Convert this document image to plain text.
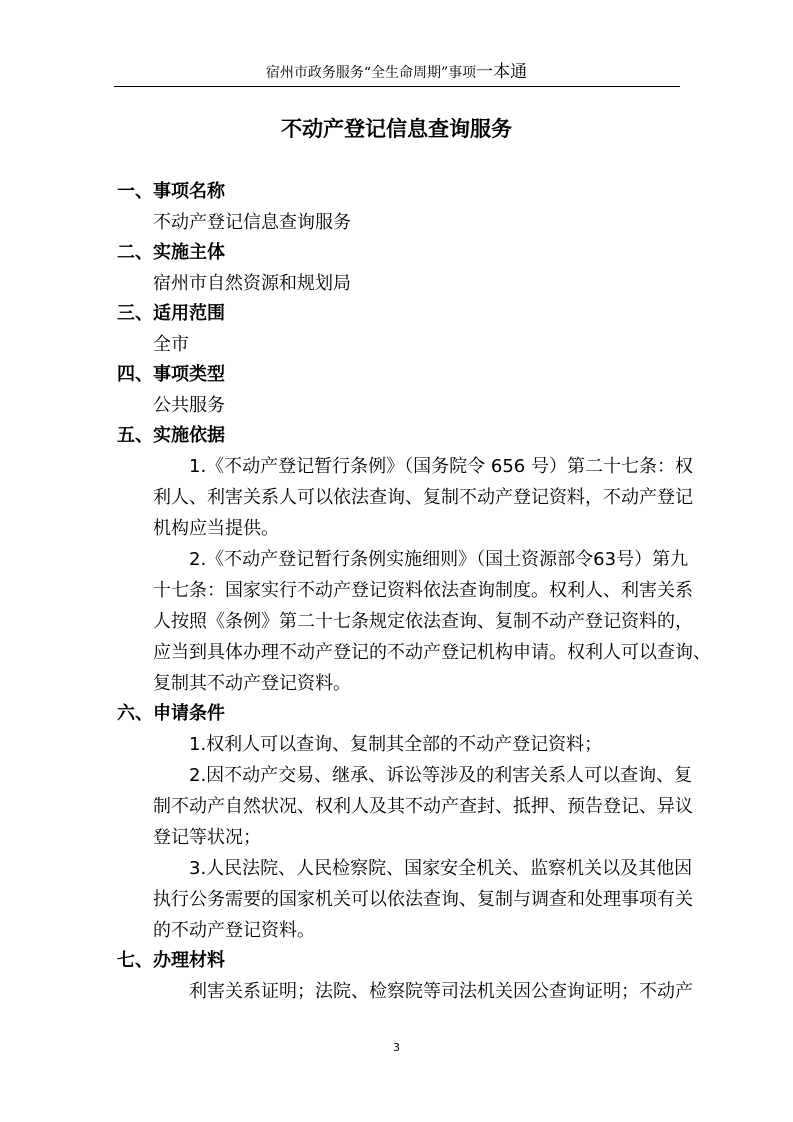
宿州市政务服务“全生命周期”事项一本通
不动产登记信息查询服务

一、事项名称

不动产登记信息查询服务

二、实施主体

宿州市自然资源和规划局

三、适用范围

全市

四、事项类型

公共服务

五、实施依据

1.《不动产登记暂行条例》（国务院令 656 号）第二十七条：权
利人、利害关系人可以依法查询、复制不动产登记资料，不动产登记
机构应当提供。
2.《不动产登记暂行条例实施细则》（国土资源部令63号）第九
十七条：国家实行不动产登记资料依法查询制度。权利人、利害关系
人按照《条例》第二十七条规定依法查询、复制不动产登记资料的，
应当到具体办理不动产登记的不动产登记机构申请。权利人可以查询、
复制其不动产登记资料。

六、申请条件

1.权利人可以查询、复制其全部的不动产登记资料；
2.因不动产交易、继承、诉讼等涉及的利害关系人可以查询、复
制不动产自然状况、权利人及其不动产查封、抵押、预告登记、异议
登记等状况；
3.人民法院、人民检察院、国家安全机关、监察机关以及其他因
执行公务需要的国家机关可以依法查询、复制与调查和处理事项有关
的不动产登记资料。

七、办理材料

利害关系证明；法院、检察院等司法机关因公查询证明；不动产
3
